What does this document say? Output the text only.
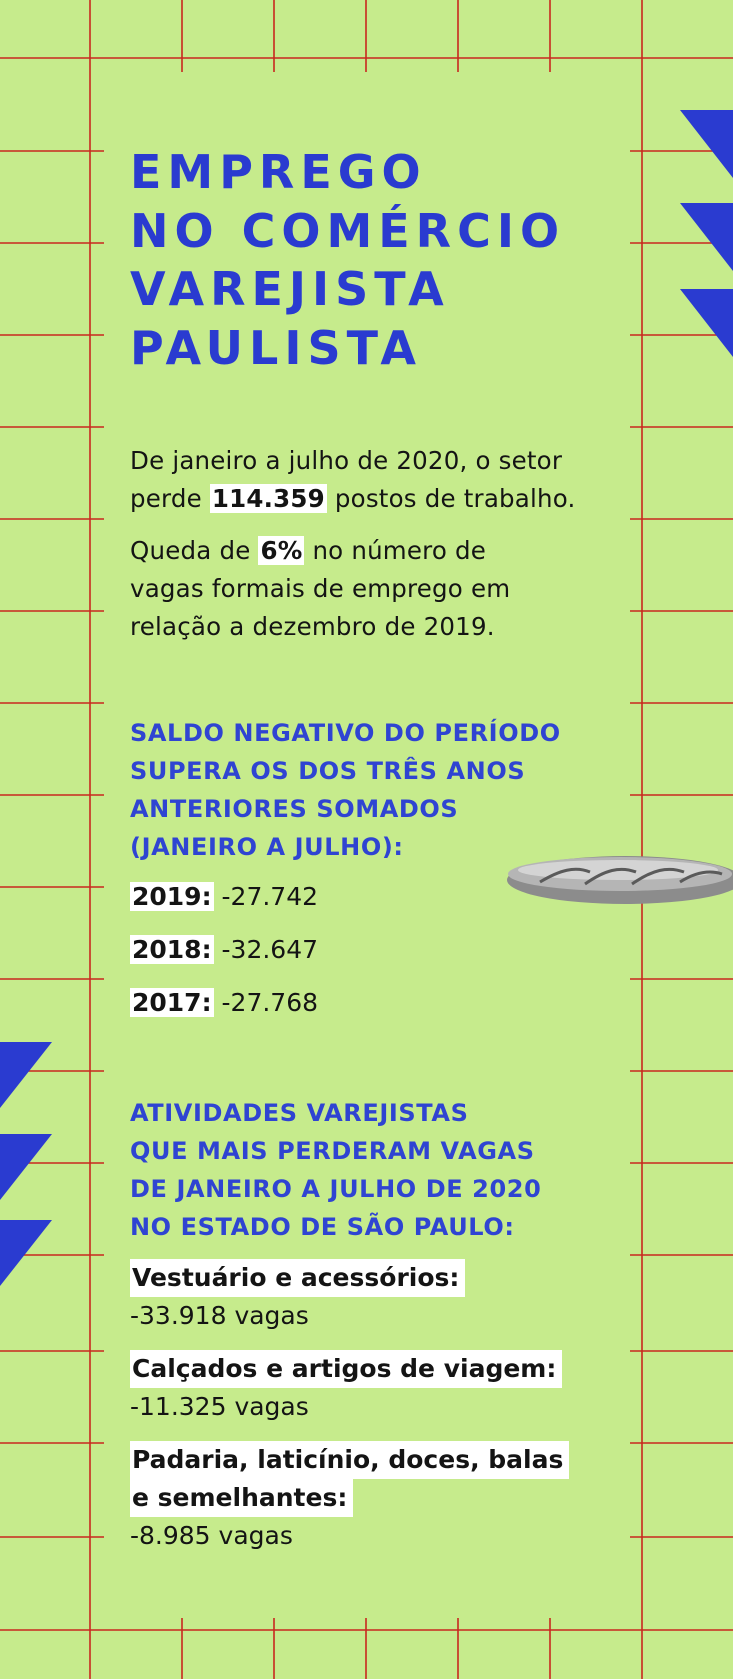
EMPREGO
NO COMÉRCIO
VAREJISTA
PAULISTA

De janeiro a julho de 2020, o setor
perde 114.359 postos de trabalho.

Queda de 6% no número de
vagas formais de emprego em
relação a dezembro de 2019.

SALDO NEGATIVO DO PERÍODO
SUPERA OS DOS TRÊS ANOS
ANTERIORES SOMADOS
(JANEIRO A JULHO):
2019: -27.742
2018: -32.647
2017: -27.768
ATIVIDADES VAREJISTAS
QUE MAIS PERDERAM VAGAS
DE JANEIRO A JULHO DE 2020
NO ESTADO DE SÃO PAULO:
Vestuário e acessórios:
-33.918 vagas
Calçados e artigos de viagem:
-11.325 vagas
Padaria, laticínio, doces, balas
e semelhantes:
-8.985 vagas
